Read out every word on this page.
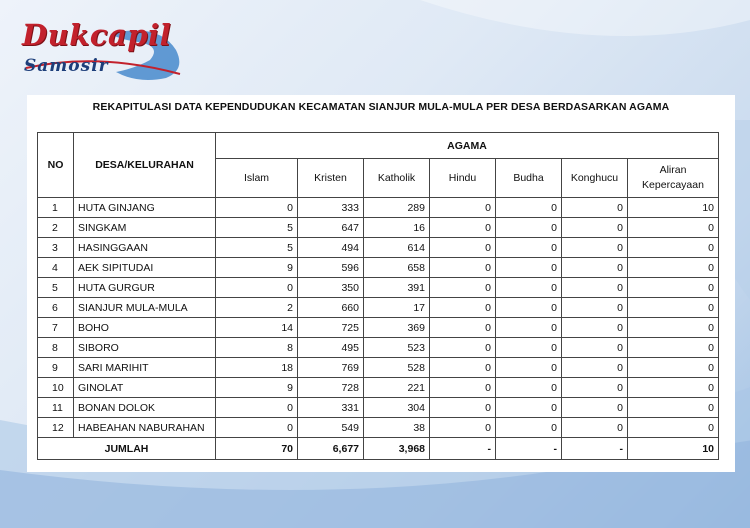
Dukcapil
Samosir
REKAPITULASI DATA KEPENDUDUKAN KECAMATAN SIANJUR MULA-MULA PER DESA BERDASARKAN AGAMA
NO	DESA/KELURAHAN	AGAMA						
		Islam	Kristen	Katholik	Hindu	Budha	Konghucu	Aliran Kepercayaan
1	HUTA GINJANG	0	333	289	0	0	0	10
2	SINGKAM	5	647	16	0	0	0	0
3	HASINGGAAN	5	494	614	0	0	0	0
4	AEK SIPITUDAI	9	596	658	0	0	0	0
5	HUTA GURGUR	0	350	391	0	0	0	0
6	SIANJUR MULA-MULA	2	660	17	0	0	0	0
7	BOHO	14	725	369	0	0	0	0
8	SIBORO	8	495	523	0	0	0	0
9	SARI MARIHIT	18	769	528	0	0	0	0
10	GINOLAT	9	728	221	0	0	0	0
11	BONAN DOLOK	0	331	304	0	0	0	0
12	HABEAHAN NABURAHAN	0	549	38	0	0	0	0
JUMLAH		70	6,677	3,968	-	-	-	10
